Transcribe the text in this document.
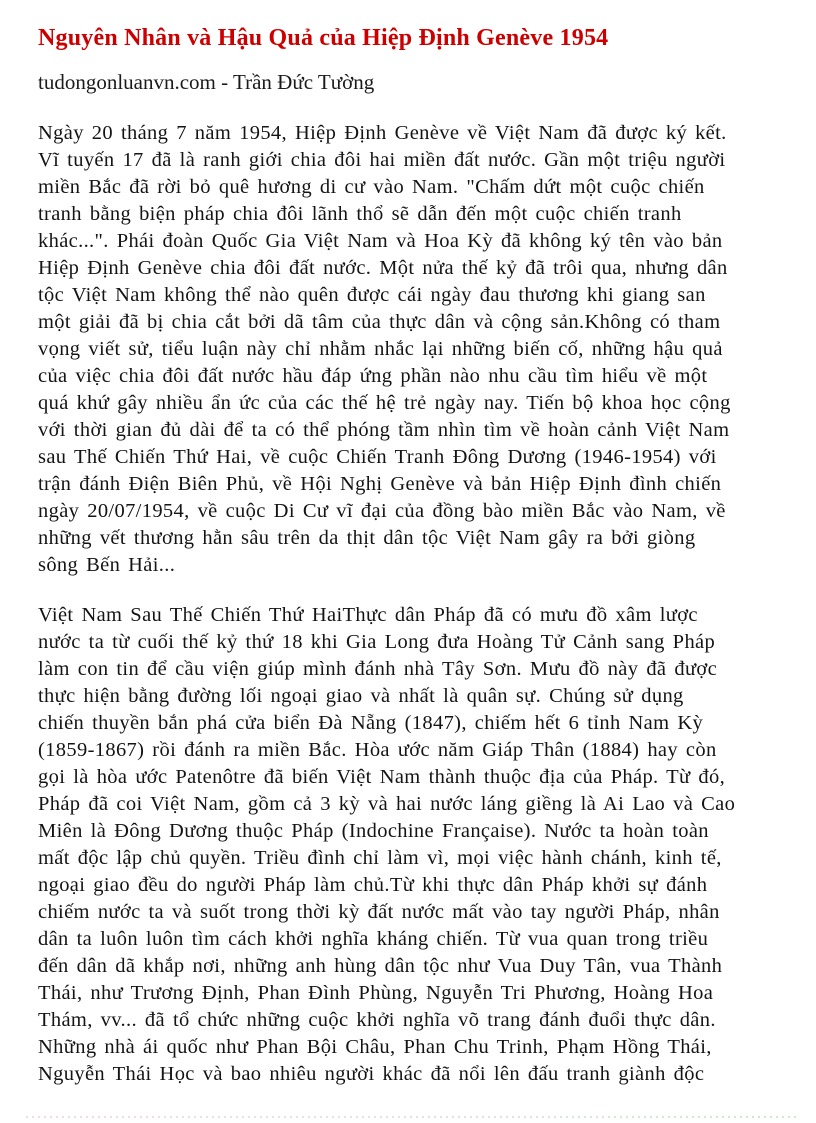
Nguyên Nhân và Hậu Quả của Hiệp Định Genève 1954
tudongonluanvn.com - Trần Đức Tường

Ngày 20 tháng 7 năm 1954, Hiệp Định Genève về Việt Nam đã được ký kết.
Vĩ tuyến 17 đã là ranh giới chia đôi hai miền đất nước. Gần một triệu người
miền Bắc đã rời bỏ quê hương di cư vào Nam. "Chấm dứt một cuộc chiến
tranh bằng biện pháp chia đôi lãnh thổ sẽ dẫn đến một cuộc chiến tranh
khác...". Phái đoàn Quốc Gia Việt Nam và Hoa Kỳ đã không ký tên vào bản
Hiệp Định Genève chia đôi đất nước. Một nửa thế kỷ đã trôi qua, nhưng dân
tộc Việt Nam không thể nào quên được cái ngày đau thương khi giang san
một giải đã bị chia cắt bởi dã tâm của thực dân và cộng sản.Không có tham
vọng viết sử, tiểu luận này chỉ nhằm nhắc lại những biến cố, những hậu quả
của việc chia đôi đất nước hầu đáp ứng phần nào nhu cầu tìm hiểu về một
quá khứ gây nhiều ẩn ức của các thế hệ trẻ ngày nay. Tiến bộ khoa học cộng
với thời gian đủ dài để ta có thể phóng tầm nhìn tìm về hoàn cảnh Việt Nam
sau Thế Chiến Thứ Hai, về cuộc Chiến Tranh Đông Dương (1946-1954) với
trận đánh Điện Biên Phủ, về Hội Nghị Genève và bản Hiệp Định đình chiến
ngày 20/07/1954, về cuộc Di Cư vĩ đại của đồng bào miền Bắc vào Nam, về
những vết thương hằn sâu trên da thịt dân tộc Việt Nam gây ra bởi giòng
sông Bến Hải...

Việt Nam Sau Thế Chiến Thứ HaiThực dân Pháp đã có mưu đồ xâm lược
nước ta từ cuối thế kỷ thứ 18 khi Gia Long đưa Hoàng Tử Cảnh sang Pháp
làm con tin để cầu viện giúp mình đánh nhà Tây Sơn. Mưu đồ này đã được
thực hiện bằng đường lối ngoại giao và nhất là quân sự. Chúng sử dụng
chiến thuyền bắn phá cửa biển Đà Nẵng (1847), chiếm hết 6 tỉnh Nam Kỳ
(1859-1867) rồi đánh ra miền Bắc. Hòa ước năm Giáp Thân (1884) hay còn
gọi là hòa ước Patenôtre đã biến Việt Nam thành thuộc địa của Pháp. Từ đó,
Pháp đã coi Việt Nam, gồm cả 3 kỳ và hai nước láng giềng là Ai Lao và Cao
Miên là Đông Dương thuộc Pháp (Indochine Française). Nước ta hoàn toàn
mất độc lập chủ quyền. Triều đình chỉ làm vì, mọi việc hành chánh, kinh tế,
ngoại giao đều do người Pháp làm chủ.Từ khi thực dân Pháp khởi sự đánh
chiếm nước ta và suốt trong thời kỳ đất nước mất vào tay người Pháp, nhân
dân ta luôn luôn tìm cách khởi nghĩa kháng chiến. Từ vua quan trong triều
đến dân dã khắp nơi, những anh hùng dân tộc như Vua Duy Tân, vua Thành
Thái, như Trương Định, Phan Đình Phùng, Nguyễn Tri Phương, Hoàng Hoa
Thám, vv... đã tổ chức những cuộc khởi nghĩa võ trang đánh đuổi thực dân.
Những nhà ái quốc như Phan Bội Châu, Phan Chu Trinh, Phạm Hồng Thái,
Nguyễn Thái Học và bao nhiêu người khác đã nổi lên đấu tranh giành độc
